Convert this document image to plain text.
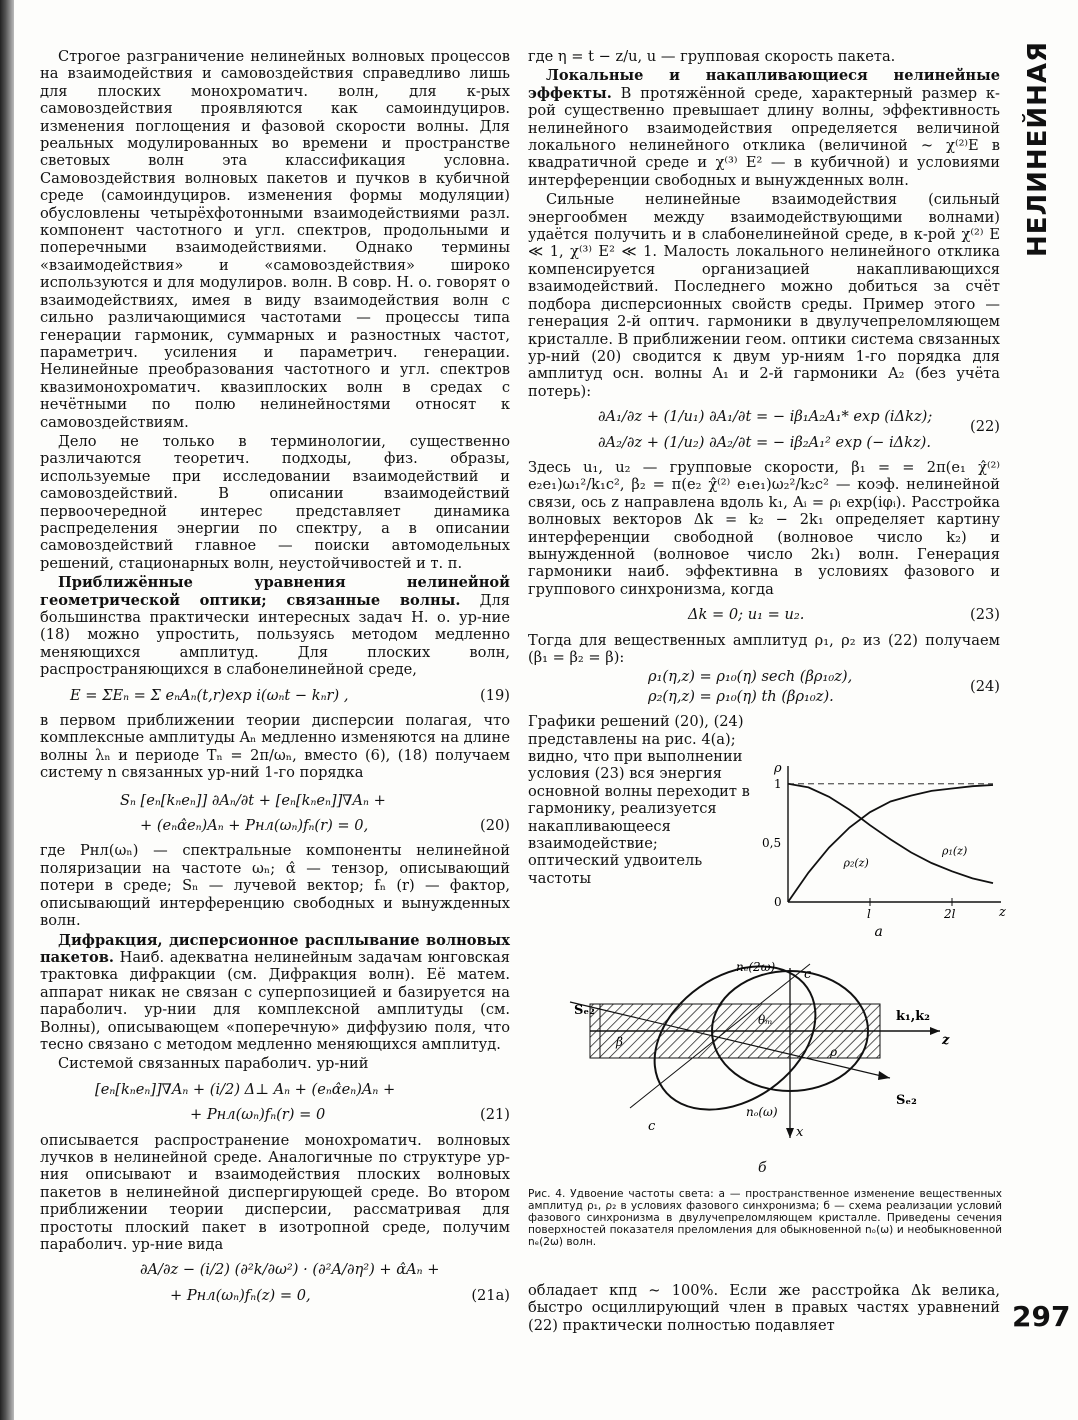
НЕЛИНЕЙНАЯ

Строгое разграничение нелинейных волновых процессов на взаимодействия и самовоздействия справедливо лишь для плоских монохроматич. волн, для к-рых самовоздействия проявляются как самоиндуциров. изменения поглощения и фазовой скорости волны. Для реальных модулированных во времени и пространстве световых волн эта классификация условна. Самовоздействия волновых пакетов и пучков в кубичной среде (самоиндуциров. изменения формы модуляции) обусловлены четырёхфотонными взаимодействиями разл. компонент частотного и угл. спектров, продольными и поперечными взаимодействиями. Однако термины «взаимодействия» и «самовоздействия» широко используются и для модулиров. волн. В совр. Н. о. говорят о взаимодействиях, имея в виду взаимодействия волн с сильно различающимися частотами — процессы типа генерации гармоник, суммарных и разностных частот, параметрич. усиления и параметрич. генерации. Нелинейные преобразования частотного и угл. спектров квазимонохроматич. квазиплоских волн в средах с нечётными по полю нелинейностями относят к самовоздействиям.

Дело не только в терминологии, существенно различаются теоретич. подходы, физ. образы, используемые при исследовании взаимодействий и самовоздействий. В описании взаимодействий первоочередной интерес представляет динамика распределения энергии по спектру, а в описании самовоздействий главное — поиски автомодельных решений, стационарных волн, неустойчивостей и т. п.

Приближённые уравнения нелинейной геометрической оптики; связанные волны. Для большинства практически интересных задач Н. о. ур-ние (18) можно упростить, пользуясь методом медленно меняющихся амплитуд. Для плоских волн, распространяющихся в слабонелинейной среде,

E = ΣEₙ = Σ eₙAₙ(t,r)exp i(ωₙt − kₙr) ,	(19)

в первом приближении теории дисперсии полагая, что комплексные амплитуды Aₙ медленно изменяются на длине волны λₙ и периоде Tₙ = 2π/ωₙ, вместо (6), (18) получаем систему n связанных ур-ний 1-го порядка

Sₙ [eₙ[kₙeₙ]] ∂Aₙ/∂t + [eₙ[kₙeₙ]]∇Aₙ +
+ (eₙα̂eₙ)Aₙ + Pнл(ωₙ)fₙ(r) = 0,	(20)

где Pнл(ωₙ) — спектральные компоненты нелинейной поляризации на частоте ωₙ; α̂ — тензор, описывающий потери в среде; Sₙ — лучевой вектор; fₙ (r) — фактор, описывающий интерференцию свободных и вынужденных волн.

Дифракция, дисперсионное расплывание волновых пакетов. Наиб. адекватна нелинейным задачам юнговская трактовка дифракции (см. Дифракция волн). Её матем. аппарат никак не связан с суперпозицией и базируется на параболич. ур-нии для комплексной амплитуды (см. Волны), описывающем «поперечную» диффузию поля, что тесно связано с методом медленно меняющихся амплитуд.

Системой связанных параболич. ур-ний

[eₙ[kₙeₙ]]∇Aₙ + (i/2) Δ⊥ Aₙ + (eₙα̂eₙ)Aₙ +
+ Pнл(ωₙ)fₙ(r) = 0	(21)

описывается распространение монохроматич. волновых лучков в нелинейной среде. Аналогичные по структуре ур-ния описывают и взаимодействия плоских волновых пакетов в нелинейной диспергирующей среде. Во втором приближении теории дисперсии, рассматривая для простоты плоский пакет в изотропной среде, получим параболич. ур-ние вида

∂A/∂z − (i/2) (∂²k/∂ω²) · (∂²A/∂η²) + α̂Aₙ +
+ Pнл(ωₙ)fₙ(z) = 0,	(21а)

где η = t − z/u, u — групповая скорость пакета.

Локальные и накапливающиеся нелинейные эффекты. В протяжённой среде, характерный размер к-рой существенно превышает длину волны, эффективность нелинейного взаимодействия определяется величиной локального нелинейного отклика (величиной ~ χ⁽²⁾E в квадратичной среде и χ⁽³⁾ E² — в кубичной) и условиями интерференции свободных и вынужденных волн.

Сильные нелинейные взаимодействия (сильный энергообмен между взаимодействующими волнами) удаётся получить и в слабонелинейной среде, в к-рой χ⁽²⁾ E ≪ 1, χ⁽³⁾ E² ≪ 1. Малость локального нелинейного отклика компенсируется организацией накапливающихся взаимодействий. Последнего можно добиться за счёт подбора дисперсионных свойств среды. Пример этого — генерация 2-й оптич. гармоники в двулучепреломляющем кристалле. В приближении геом. оптики система связанных ур-ний (20) сводится к двум ур-ниям 1-го порядка для амплитуд осн. волны A₁ и 2-й гармоники A₂ (без учёта потерь):

∂A₁/∂z + (1/u₁) ∂A₁/∂t = − iβ₁A₂A₁* exp (iΔkz);
∂A₂/∂z + (1/u₂) ∂A₂/∂t = − iβ₂A₁² exp (− iΔkz).
(22)

Здесь u₁, u₂ — групповые скорости, β₁ = = 2π(e₁ χ̂⁽²⁾ e₂e₁)ω₁²/k₁c², β₂ = π(e₂ χ̂⁽²⁾ e₁e₁)ω₂²/k₂c² — коэф. нелинейной связи, ось z направлена вдоль k₁, Aᵢ = ρᵢ exp(iφᵢ). Расстройка волновых векторов Δk = k₂ − 2k₁ определяет картину интерференции свободной (волновое число k₂) и вынужденной (волновое число 2k₁) волн. Генерация гармоники наиб. эффективна в условиях фазового и группового синхронизма, когда

Δk = 0; u₁ = u₂.	(23)

Тогда для вещественных амплитуд ρ₁, ρ₂ из (22) получаем (β₁ = β₂ = β):

ρ₁(η,z) = ρ₁₀(η) sech (βρ₁₀z),
ρ₂(η,z) = ρ₁₀(η) th (βρ₁₀z).
(24)

Графики решений (20), (24) представлены на рис. 4(а); видно, что при выполнении условия (23) вся энергия основной волны переходит в гармонику, реализуется накапливающееся взаимодействие; оптический удвоитель частоты

ρ
z
1
0,5
0
l	2l
ρ₁(z)
ρ₂(z)
а
nₑ(2ω) c
c
Sₑ₂
Sₑ₂
k₁,k₂
z
x
nₒ(ω)
β
θₘ
ρ
б
Рис. 4. Удвоение частоты света: а — пространственное изменение вещественных амплитуд ρ₁, ρ₂ в условиях фазового синхронизма; б — схема реализации условий фазового синхронизма в двулучепреломляющем кристалле. Приведены сечения поверхностей показателя преломления для обыкновенной nₒ(ω) и необыкновенной nₑ(2ω) волн.

обладает кпд ~ 100%. Если же расстройка Δk велика, быстро осциллирующий член в правых частях уравнений (22) практически полностью подавляет	297
